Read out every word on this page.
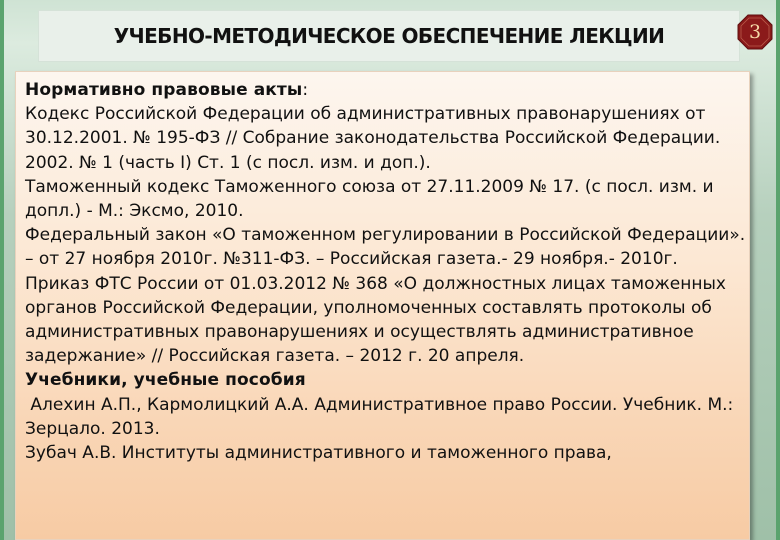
УЧЕБНО-МЕТОДИЧЕСКОЕ ОБЕСПЕЧЕНИЕ ЛЕКЦИИ	3

Нормативно правовые акты:

Кодекс Российской Федерации об административных правонарушениях от 30.12.2001. № 195-ФЗ // Собрание законодательства Российской Федерации. 2002. № 1 (часть I) Ст. 1 (с посл. изм. и доп.).

Таможенный кодекс Таможенного союза от 27.11.2009 № 17. (с посл. изм. и допл.) - М.: Эксмо, 2010.

Федеральный закон «О таможенном регулировании в Российской Федерации». – от 27 ноября 2010г. №311-ФЗ. – Российская газета.- 29 ноября.- 2010г.

Приказ ФТС России от 01.03.2012 № 368 «О должностных лицах таможенных органов Российской Федерации, уполномоченных составлять протоколы об административных правонарушениях и осуществлять административное задержание» // Российская газета. – 2012 г. 20 апреля.

Учебники, учебные пособия

Алехин А.П., Кармолицкий А.А. Административное право России. Учебник. М.: Зерцало. 2013.

Зубач А.В. Институты административного и таможенного права,
